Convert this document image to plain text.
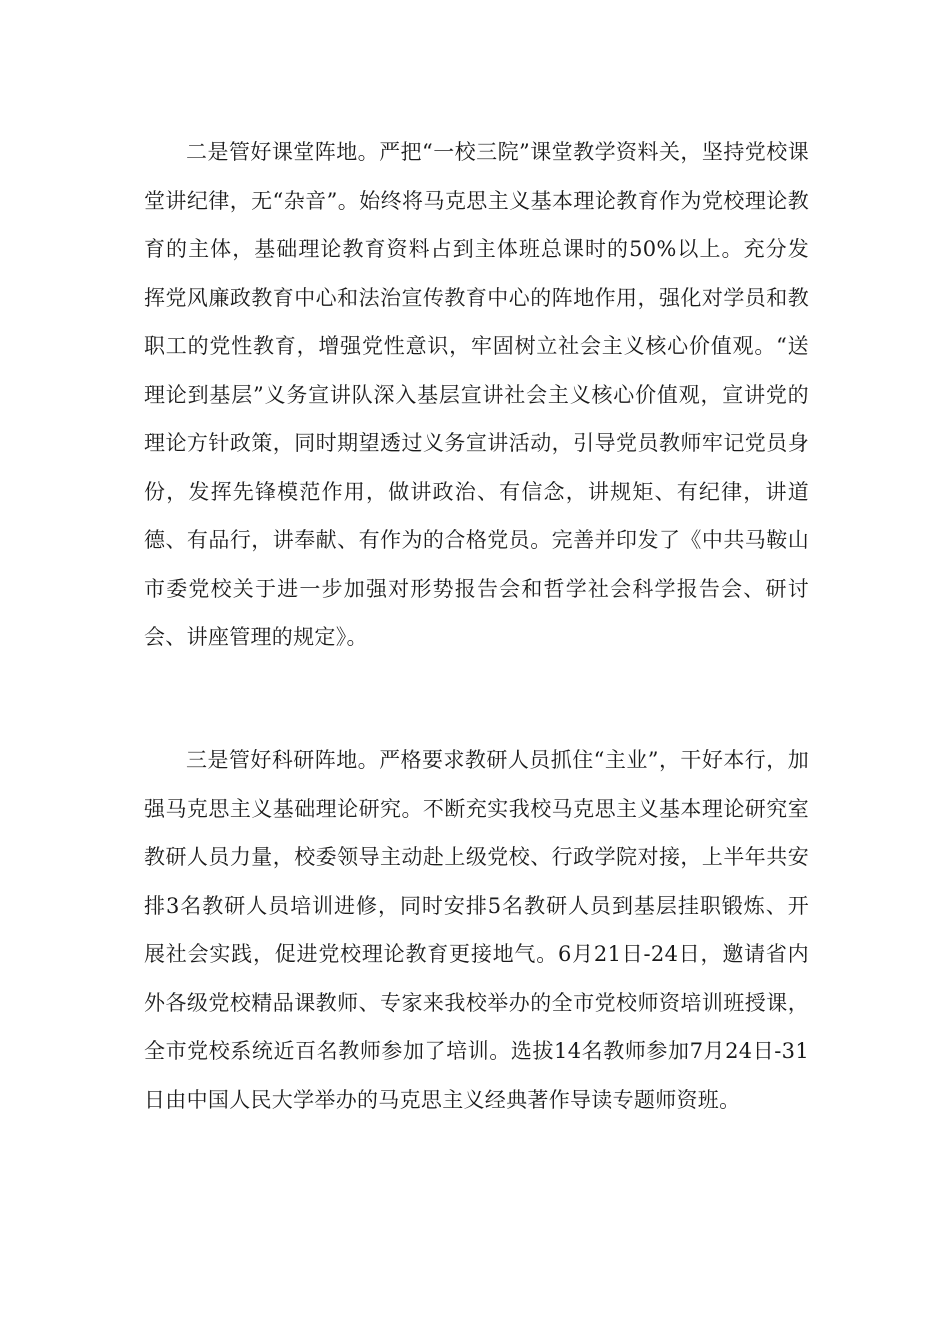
二是管好课堂阵地。严把“一校三院”课堂教学资料关，坚持党校课堂讲纪律，无“杂音”。始终将马克思主义基本理论教育作为党校理论教育的主体，基础理论教育资料占到主体班总课时的50%以上。充分发挥党风廉政教育中心和法治宣传教育中心的阵地作用，强化对学员和教职工的党性教育，增强党性意识，牢固树立社会主义核心价值观。“送理论到基层”义务宣讲队深入基层宣讲社会主义核心价值观，宣讲党的理论方针政策，同时期望透过义务宣讲活动，引导党员教师牢记党员身份，发挥先锋模范作用，做讲政治、有信念，讲规矩、有纪律，讲道德、有品行，讲奉献、有作为的合格党员。完善并印发了《中共马鞍山市委党校关于进一步加强对形势报告会和哲学社会科学报告会、研讨会、讲座管理的规定》。

三是管好科研阵地。严格要求教研人员抓住“主业”，干好本行，加强马克思主义基础理论研究。不断充实我校马克思主义基本理论研究室教研人员力量，校委领导主动赴上级党校、行政学院对接，上半年共安排3名教研人员培训进修，同时安排5名教研人员到基层挂职锻炼、开展社会实践，促进党校理论教育更接地气。6月21日-24日，邀请省内外各级党校精品课教师、专家来我校举办的全市党校师资培训班授课，全市党校系统近百名教师参加了培训。选拔14名教师参加7月24日-31日由中国人民大学举办的马克思主义经典著作导读专题师资班。
